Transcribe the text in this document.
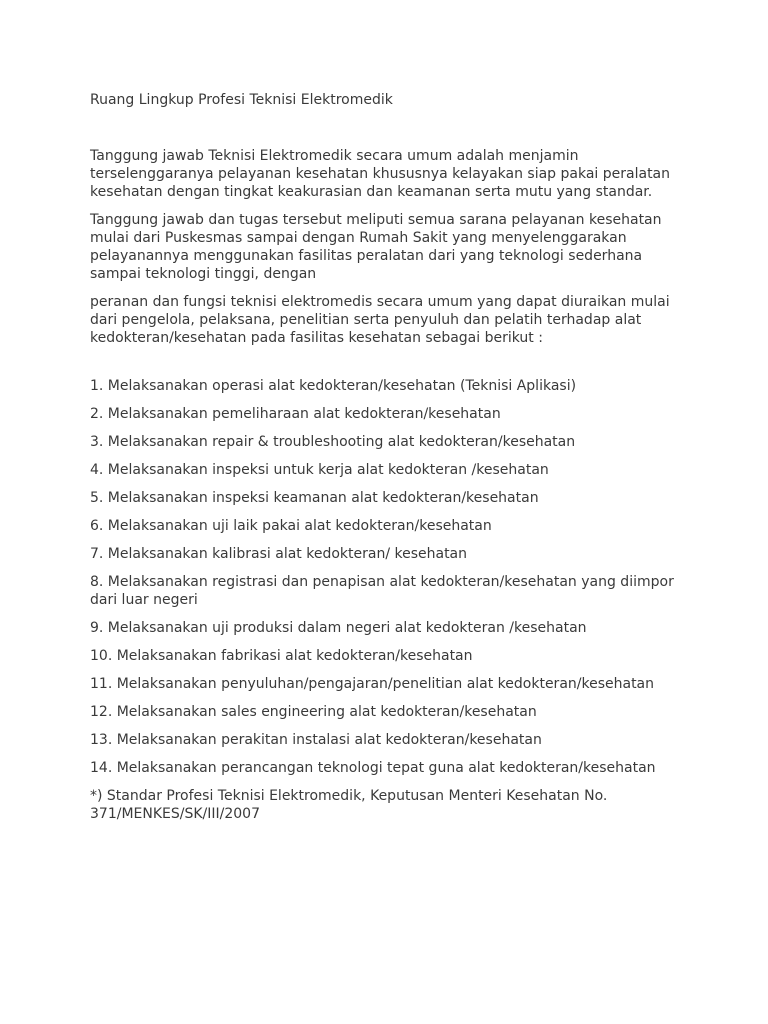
Ruang Lingkup Profesi Teknisi Elektromedik

Tanggung jawab Teknisi Elektromedik secara umum adalah menjamin terselenggaranya pelayanan kesehatan khususnya kelayakan siap pakai peralatan kesehatan dengan tingkat keakurasian dan keamanan serta mutu yang standar.

Tanggung jawab dan tugas tersebut meliputi semua sarana pelayanan kesehatan mulai dari Puskesmas sampai dengan Rumah Sakit yang menyelenggarakan pelayanannya menggunakan fasilitas peralatan dari yang teknologi sederhana sampai teknologi tinggi, dengan

peranan dan fungsi teknisi elektromedis secara umum yang dapat diuraikan mulai dari pengelola, pelaksana, penelitian serta penyuluh dan pelatih terhadap alat kedokteran/kesehatan pada fasilitas kesehatan sebagai berikut :

1. Melaksanakan operasi alat kedokteran/kesehatan (Teknisi Aplikasi)
2. Melaksanakan pemeliharaan alat kedokteran/kesehatan
3. Melaksanakan repair & troubleshooting alat kedokteran/kesehatan
4. Melaksanakan inspeksi untuk kerja alat kedokteran /kesehatan
5. Melaksanakan inspeksi keamanan alat kedokteran/kesehatan
6. Melaksanakan uji laik pakai alat kedokteran/kesehatan
7. Melaksanakan kalibrasi alat kedokteran/ kesehatan
8. Melaksanakan registrasi dan penapisan alat kedokteran/kesehatan yang diimpor dari luar negeri
9. Melaksanakan uji produksi dalam negeri alat kedokteran /kesehatan
10. Melaksanakan fabrikasi alat kedokteran/kesehatan
11. Melaksanakan penyuluhan/pengajaran/penelitian alat kedokteran/kesehatan
12. Melaksanakan sales engineering alat kedokteran/kesehatan
13. Melaksanakan perakitan instalasi alat kedokteran/kesehatan
14. Melaksanakan perancangan teknologi tepat guna alat kedokteran/kesehatan

*) Standar Profesi Teknisi Elektromedik, Keputusan Menteri Kesehatan No. 371/MENKES/SK/III/2007
